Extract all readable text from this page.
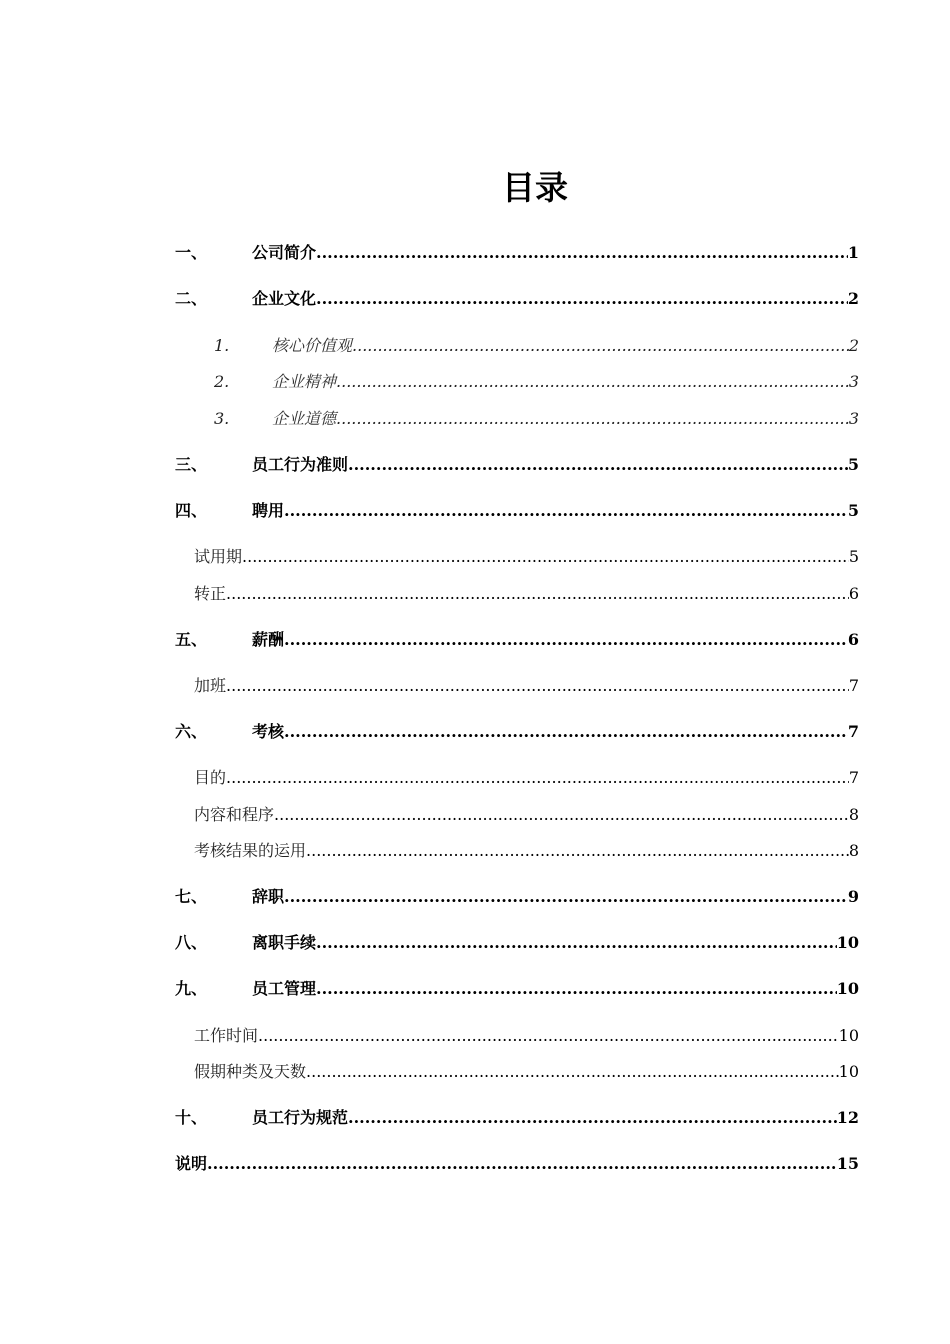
目录
一、	公司简介 .....	1
二、	企业文化 .....	2
1.	核心价值观 .....	2
2.	企业精神 .....	3
3.	企业道德 .....	3
三、	员工行为准则 .....	5
四、	聘用 .....	5
试用期 .....	5
转正 .....	6
五、	薪酬 .....	6
加班 .....	7
六、	考核 .....	7
目的 .....	7
内容和程序 .....	8
考核结果的运用 .....	8
七、	辞职 .....	9
八、	离职手续 .....	10
九、	员工管理 .....	10
工作时间 .....	10
假期种类及天数 .....	10
十、	员工行为规范 .....	12
说明 .....	15
